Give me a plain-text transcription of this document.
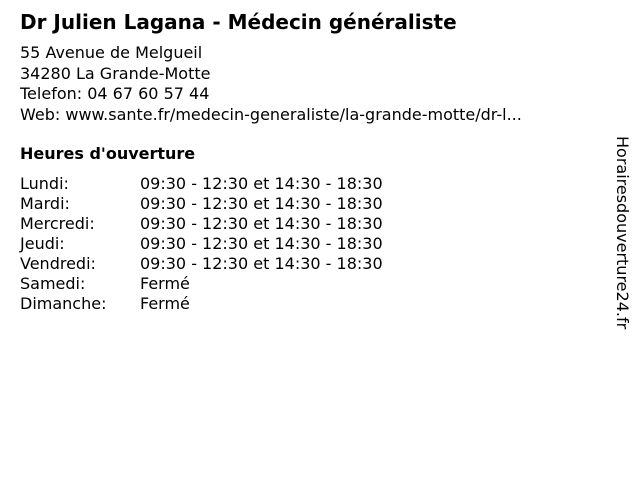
Dr Julien Lagana - Médecin généraliste
55 Avenue de Melgueil
34280 La Grande-Motte
Telefon: 04 67 60 57 44
Web: www.sante.fr/medecin-generaliste/la-grande-motte/dr-l...
Heures d'ouverture
Lundi:	09:30 - 12:30 et 14:30 - 18:30
Mardi:	09:30 - 12:30 et 14:30 - 18:30
Mercredi:	09:30 - 12:30 et 14:30 - 18:30
Jeudi:	09:30 - 12:30 et 14:30 - 18:30
Vendredi:	09:30 - 12:30 et 14:30 - 18:30
Samedi:	Fermé
Dimanche:	Fermé	Horairesdouverture24.fr
